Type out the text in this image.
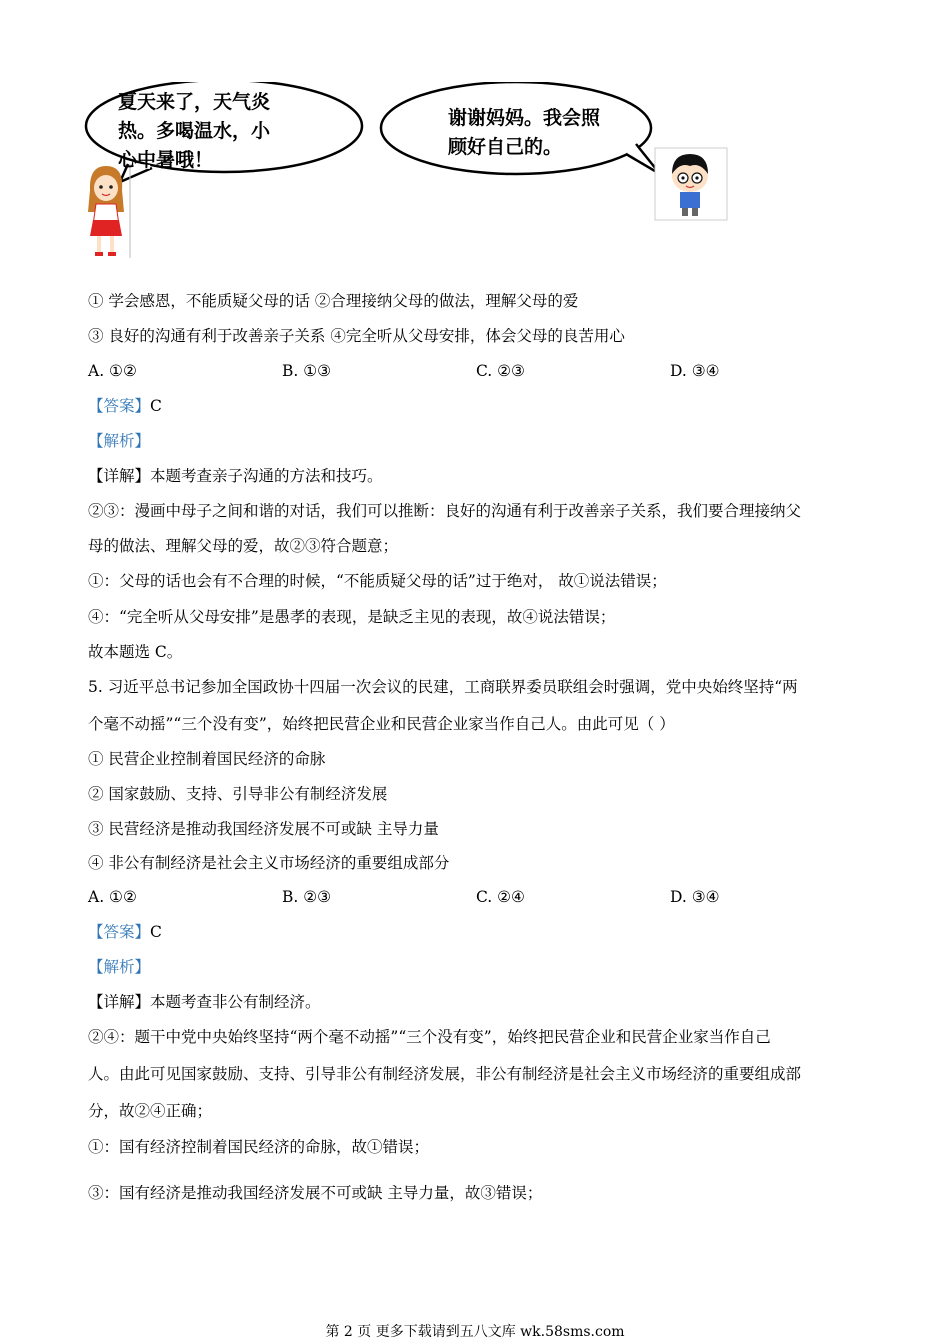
夏天来了，天气炎
热。多喝温水，小
心中暑哦！
谢谢妈妈。我会照
顾好自己的。
① 学会感恩，不能质疑父母的话 ②合理接纳父母的做法，理解父母的爱
③ 良好的沟通有利于改善亲子关系 ④完全听从父母安排，体会父母的良苦用心
A. ①②	B. ①③	C. ②③	D. ③④
【答案】C
【解析】
【详解】本题考查亲子沟通的方法和技巧。
②③：漫画中母子之间和谐的对话，我们可以推断：良好的沟通有利于改善亲子关系，我们要合理接纳父
母的做法、理解父母的爱，故②③符合题意；
①：父母的话也会有不合理的时候，“不能质疑父母的话”过于绝对， 故①说法错误；
④：“完全听从父母安排”是愚孝的表现，是缺乏主见的表现，故④说法错误；
故本题选 C。
5. 习近平总书记参加全国政协十四届一次会议的民建，工商联界委员联组会时强调，党中央始终坚持“两
个毫不动摇”“三个没有变”，始终把民营企业和民营企业家当作自己人。由此可见（ ）
① 民营企业控制着国民经济的命脉
② 国家鼓励、支持、引导非公有制经济发展
③ 民营经济是推动我国经济发展不可或缺 主导力量
④ 非公有制经济是社会主义市场经济的重要组成部分
A. ①②	B. ②③	C. ②④	D. ③④
【答案】C
【解析】
【详解】本题考查非公有制经济。
②④：题干中党中央始终坚持“两个毫不动摇”“三个没有变”，始终把民营企业和民营企业家当作自己
人。由此可见国家鼓励、支持、引导非公有制经济发展，非公有制经济是社会主义市场经济的重要组成部
分，故②④正确；
①：国有经济控制着国民经济的命脉，故①错误；
③：国有经济是推动我国经济发展不可或缺 主导力量，故③错误；
第 2 页 更多下载请到五八文库 wk.58sms.com
